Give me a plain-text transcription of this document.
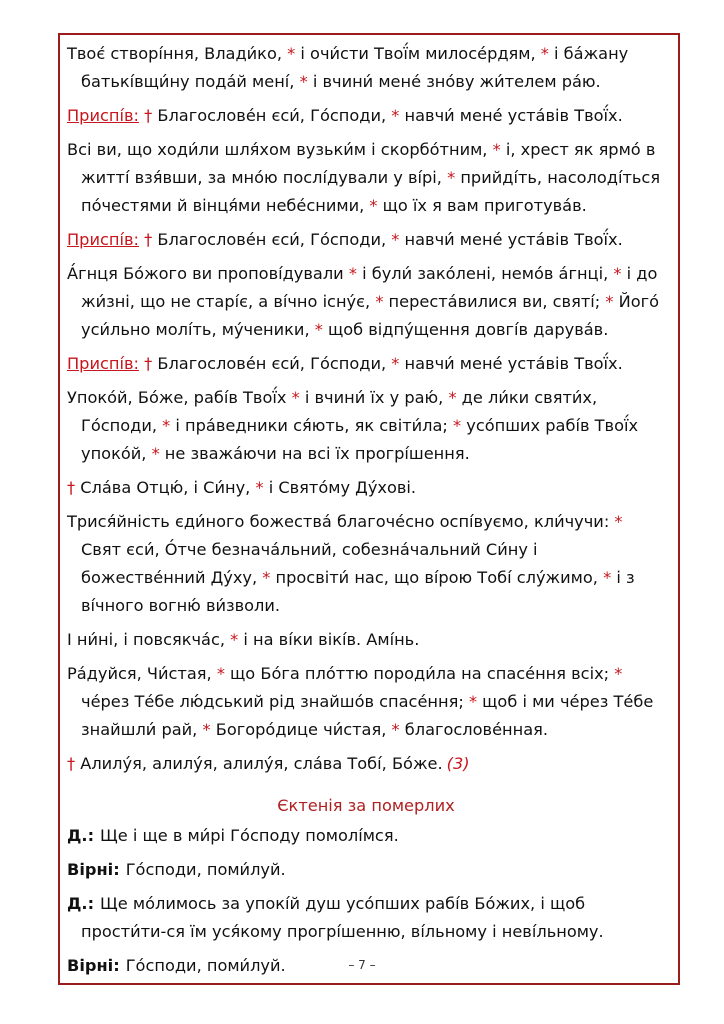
Твоє́ створі́ння, Влади́ко, * і очи́сти Твої́м милосе́рдям, * і ба́жану батькі́вщи́ну пода́й мені́, * і вчини́ мене́ зно́ву жи́телем ра́ю.
Приспі́в: † Благослове́н єси́, Го́споди, * навчи́ мене́ уста́вів Твої́х.
Всі ви, що ходи́ли шля́хом вузьки́м і скорбо́тним, * і, хрест як ярмо́ в житті́ взя́вши, за мно́ю послі́дували у ві́рі, * прийді́ть, насолоді́ться по́честями й вінця́ми небе́сними, * що їх я вам приготува́в.
Приспі́в: † Благослове́н єси́, Го́споди, * навчи́ мене́ уста́вів Твої́х.
А́гнця Бо́жого ви пропові́дували * і були́ зако́лені, немо́в а́гнці, * і до жи́зні, що не старі́є, а ві́чно існу́є, * переста́вилися ви, святі́; * Його́ уси́льно молі́ть, му́ченики, * щоб відпу́щення довгі́в дарува́в.
Приспі́в: † Благослове́н єси́, Го́споди, * навчи́ мене́ уста́вів Твої́х.
Упоко́й, Бо́же, рабі́в Твої́х * і вчини́ їх у раю́, * де ли́ки святи́х, Го́споди, * і пра́ведники ся́ють, як світи́ла; * усо́пших рабі́в Твої́х упоко́й, * не зважа́ючи на всі їх прогрі́шення.
† Сла́ва Отцю́, і Си́ну, * і Свято́му Ду́хові.
Трися́йність єди́ного божества́ благоче́сно оспі́вуємо, кли́чучи: * Свят єси́, О́тче безнача́льний, собезна́чальний Си́ну і божестве́нний Ду́ху, * просвіти́ нас, що ві́рою Тобі́ слу́жимо, * і з ві́чного вогню́ ви́зволи.
І ни́ні, і повсякча́с, * і на ві́ки вікі́в. Амі́нь.
Ра́дуйся, Чи́стая, * що Бо́га пло́ттю породи́ла на спасе́ння всіх; * че́рез Те́бе лю́дський рід знайшо́в спасе́ння; * щоб і ми че́рез Те́бе знайшли́ рай, * Богоро́дице чи́стая, * благослове́нная.
† Алилу́я, алилу́я, алилу́я, сла́ва Тобі́, Бо́же. (3)
Єктенія за померлих
Д.: Ще і ще в ми́рі Го́споду помолі́мся.
Вірні: Го́споди, поми́луй.
Д.: Ще мо́лимось за упокі́й душ усо́пших рабі́в Бо́жих, і щоб прости́ти-ся їм уся́кому прогрі́шенню, ві́льному і неві́льному.
Вірні: Го́споди, поми́луй.	– 7 –
